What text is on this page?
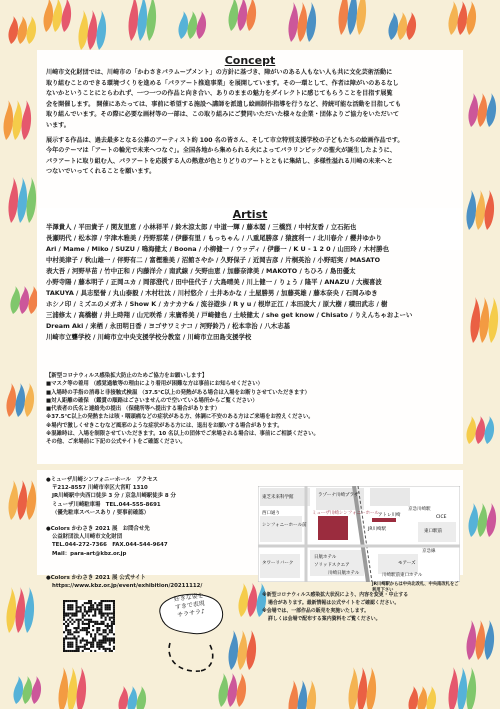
Concept

川崎市文化財団では、川崎市の「かわさきパラムーブメント」の方針に基づき、障がいのある人もない人も共に文化芸術活動に

取り組むことのできる環境づくりを進める「パラアート推進事業」を展開しています。その一環として、作者は障がいのあるなし

ないかということにとらわれず、一つ一つの作品と向き合い、ありのままの魅力をダイレクトに感じてもらうことを目指す展覧

会を開催します。 開催にあたっては、事前に希望する施設へ講師を派遣し絵画制作指導を行うなど、持続可能な活動を目指しても

取り組んでいます。その際に必要な画材等の一部は、この取り組みにご賛同いただいた様々な企業・団体よりご協力をいただいて

います。

展示する作品は、過去最多となる公募のアーティスト約 100 名の皆さん、そして市立特別支援学校の子どもたちの絵画作品です。

今年のテーマは「アートの輪光で未来へつなぐ」。全国各地から集められる火によってパラリンピックの聖火が誕生したように、

パラアートに取り組む人、パラアートを応援する人の熱意が色とりどりのアートとともに集結し、多様性溢れる川崎の未来へと

つないでいってくれることを願います。

Artist

半澤貴人 / 平田貴子 / 関友里恵 / 小林祥平 / 鈴木涼太郎 / 中道一輝 / 藤本閣 / 三橋烈 / 中村友香 / 立石拓也

長瀬明代 / 松本淳 / 宇津木雅美 / 丹野那菜 / 伊藤有里 / もっちゃん / 八重尾勝彦 / 猿渡利一 / 北川春介 / 櫻井ゆかり

Ari / Mame / Miko / SUZU / 鳴海健太 / Boona / 小柳健一 / ウッディ / 伊藤一 / K U - 1 2 0 / 山田玲 / 木村勝也

中村美津子 / 秋山雄一 / 伴野有二 / 富樫雅美 / 沼館さやか / 久野保子 / 近岡吉彦 / 片桐英治 / 小野昭実 / MASATO

表大吾 / 河野早苗 / 竹中正和 / 内藤洋介 / 南武線 / 矢野由恵 / 加藤奈津美 / MAKOTO / ちひろ / 島田優太

小野寺陽 / 藤本明子 / 正岡ユカ / 岡部澄代 / 田中佳代子 / 大島晴美 / 川上健一 / りょう / 隆平 / ANAZU / 大槻喜波

TAKUYA / 具志堅誉 / 丸山泰毅 / 木村壮汰 / 川村悠介 / 土井あかな / 土屋勝男 / 加藤英雄 / 藤本奈央 / 石岡みゆき

ホシノ印 / ミズエのメガネ / Show K / カナカナ& / 流谷遊歩 / R y u / 根岸正江 / 本田凌大 / 原大樹 / 積田武志 / 樹

三浦修太 / 高橋樹 / 井上時翔 / 山元咲希 / 末廣希美 / 戸崎健也 / 土岐健太 / she get know / Chisato / りえんちゃおよーい

Dream Aki / 来栖 / 永田明日香 / ヨゴサワミナコ / 河野鈴乃 / 松本幸治 / 八木志基

川崎市立聾学校 / 川崎市立中央支援学校分教室 / 川崎市立田島支援学校

【新型コロナウィルス感染拡大防止のためご協力をお願いします】

■マスク等の着用 （感覚過敏等の理由により着用が困難な方は事前にお知らせください）

■入場時の手指の消毒と非接触式検温 （37.5℃以上の発熱がある場合は入場をお断りさせていただきます）

■対人距離の確保 （鑑賞の順路はごさいませんので空いている場所からご覧ください）

■代表者の氏名と連絡先の提出 （保健所等へ提出する場合があります）

※37.5℃以上の発熱または咳・咽頭痛などの症状がある方、体調に不安のある方はご来場をお控えください。

※場内で激しくせきこむなど風邪のような症状がある方には、退出をお願いする場合があります。

※混雑時は、入場を制限させていただきます。10 名以上の団体でご来場される場合は、事前にご相談ください。

その他、ご来場前に下記の公式サイトをご確認ください。

●ミューザ川崎シンフォニーホール　アクセス

〒212-8557 川崎市幸区大宮町 1310

JR川崎駅中央西口徒歩 3 分 / 京急川崎駅徒歩 8 分

ミューザ川崎駐車場　TEL.044-555-8691

（優先駐車スペースあり / 要事前確認）

●Colors かわさき 2021 展　お問合せ先

公益財団法人川崎市文化財団

TEL.044-272-7366　FAX.044-544-9647

Mail：para-art@kbz.or.jp

●Colors かわさき 2021 展 公式サイト

https://www.kbz.or.jp/event/exhibition/20211112/

好きな姿を
すきで表現
サラサラ♪
東芝未来科学館	ラゾーナ川崎プラザ
西口通り
シンフォニーホール前
ミューザ川崎シンフォニーホール アトレ川崎
JR川崎駅
京急川崎駅
東口駅前
タワーリバーク
日航ホテル
ソリッドスクエア
川崎日航ホテル
モアーズ
京急線
CICE
川崎駅前東口ホテル
JR川崎駅からは中央北改札、中央南改札をご利用下さい

※新型コロナウィルス感染拡大状況により、内容を変更・中止する

場合があります。最新情報は公式サイトをご確認ください。

※会場では、一部作品の販売を実施いたします。

詳しくは会場で配布する案内資料をご覧ください。
